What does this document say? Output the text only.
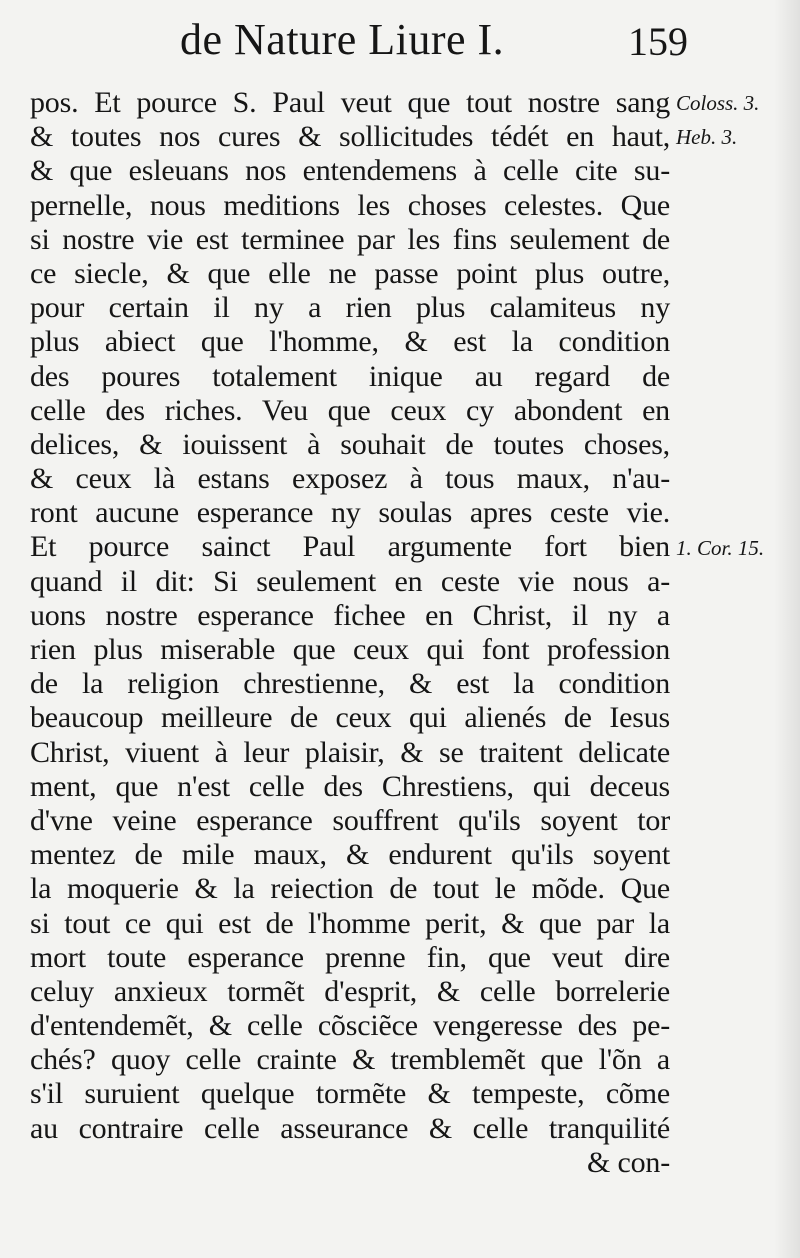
de Nature Liure I.	159
pos. Et pource S. Paul veut que tout nostre sang
& toutes nos cures & sollicitudes tédét en haut,
& que esleuans nos entendemens à celle cite su-
pernelle, nous meditions les choses celestes. Que
si nostre vie est terminee par les fins seulement de
ce siecle, & que elle ne passe point plus outre,
pour certain il ny a rien plus calamiteus ny
plus abiect que l'homme, & est la condition
des poures totalement inique au regard de
celle des riches. Veu que ceux cy abondent en
delices, & iouissent à souhait de toutes choses,
& ceux là estans exposez à tous maux, n'au-
ront aucune esperance ny soulas apres ceste vie.
Et pource sainct Paul argumente fort bien
quand il dit: Si seulement en ceste vie nous a-
uons nostre esperance fichee en Christ, il ny a
rien plus miserable que ceux qui font profession
de la religion chrestienne, & est la condition
beaucoup meilleure de ceux qui alienés de Iesus
Christ, viuent à leur plaisir, & se traitent delicate
ment, que n'est celle des Chrestiens, qui deceus
d'vne veine esperance souffrent qu'ils soyent tor
mentez de mile maux, & endurent qu'ils soyent
la moquerie & la reiection de tout le mõde. Que
si tout ce qui est de l'homme perit, & que par la
mort toute esperance prenne fin, que veut dire
celuy anxieux tormẽt d'esprit, & celle borrelerie
d'entendemẽt, & celle cõsciẽce vengeresse des pe-
chés? quoy celle crainte & tremblemẽt que l'õn a
s'il suruient quelque tormẽte & tempeste, cõme
au contraire celle asseurance & celle tranquilité
& con-
Coloss. 3.
Heb. 3.
1. Cor. 15.
